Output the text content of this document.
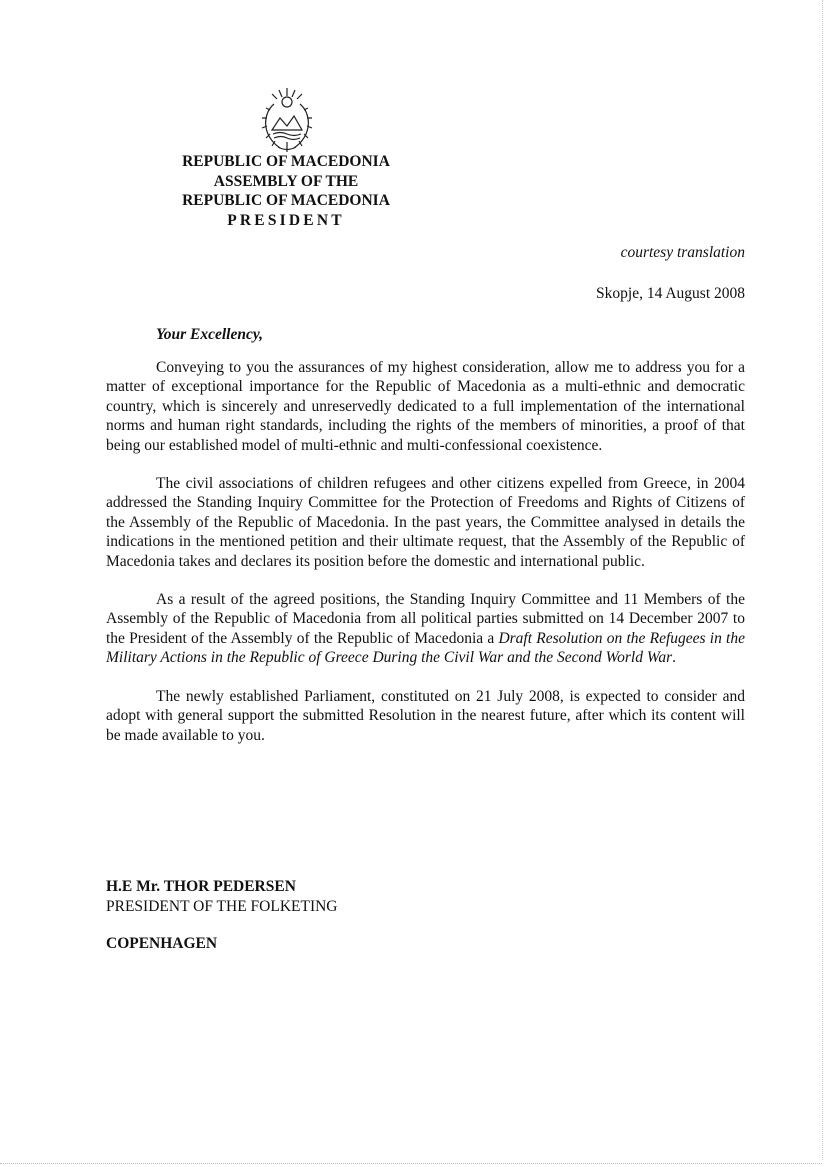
REPUBLIC OF MACEDONIA
ASSEMBLY OF THE
REPUBLIC OF MACEDONIA
PRESIDENT
courtesy translation
Skopje, 14 August 2008
Your Excellency,

Conveying to you the assurances of my highest consideration, allow me to address you for a matter of exceptional importance for the Republic of Macedonia as a multi-ethnic and democratic country, which is sincerely and unreservedly dedicated to a full implementation of the international norms and human right standards, including the rights of the members of minorities, a proof of that being our established model of multi-ethnic and multi-confessional coexistence.

The civil associations of children refugees and other citizens expelled from Greece, in 2004 addressed the Standing Inquiry Committee for the Protection of Freedoms and Rights of Citizens of the Assembly of the Republic of Macedonia. In the past years, the Committee analysed in details the indications in the mentioned petition and their ultimate request, that the Assembly of the Republic of Macedonia takes and declares its position before the domestic and international public.

As a result of the agreed positions, the Standing Inquiry Committee and 11 Members of the Assembly of the Republic of Macedonia from all political parties submitted on 14 December 2007 to the President of the Assembly of the Republic of Macedonia a Draft Resolution on the Refugees in the Military Actions in the Republic of Greece During the Civil War and the Second World War.

The newly established Parliament, constituted on 21 July 2008, is expected to consider and adopt with general support the submitted Resolution in the nearest future, after which its content will be made available to you.

H.E Mr. THOR PEDERSEN
PRESIDENT OF THE FOLKETING
COPENHAGEN
